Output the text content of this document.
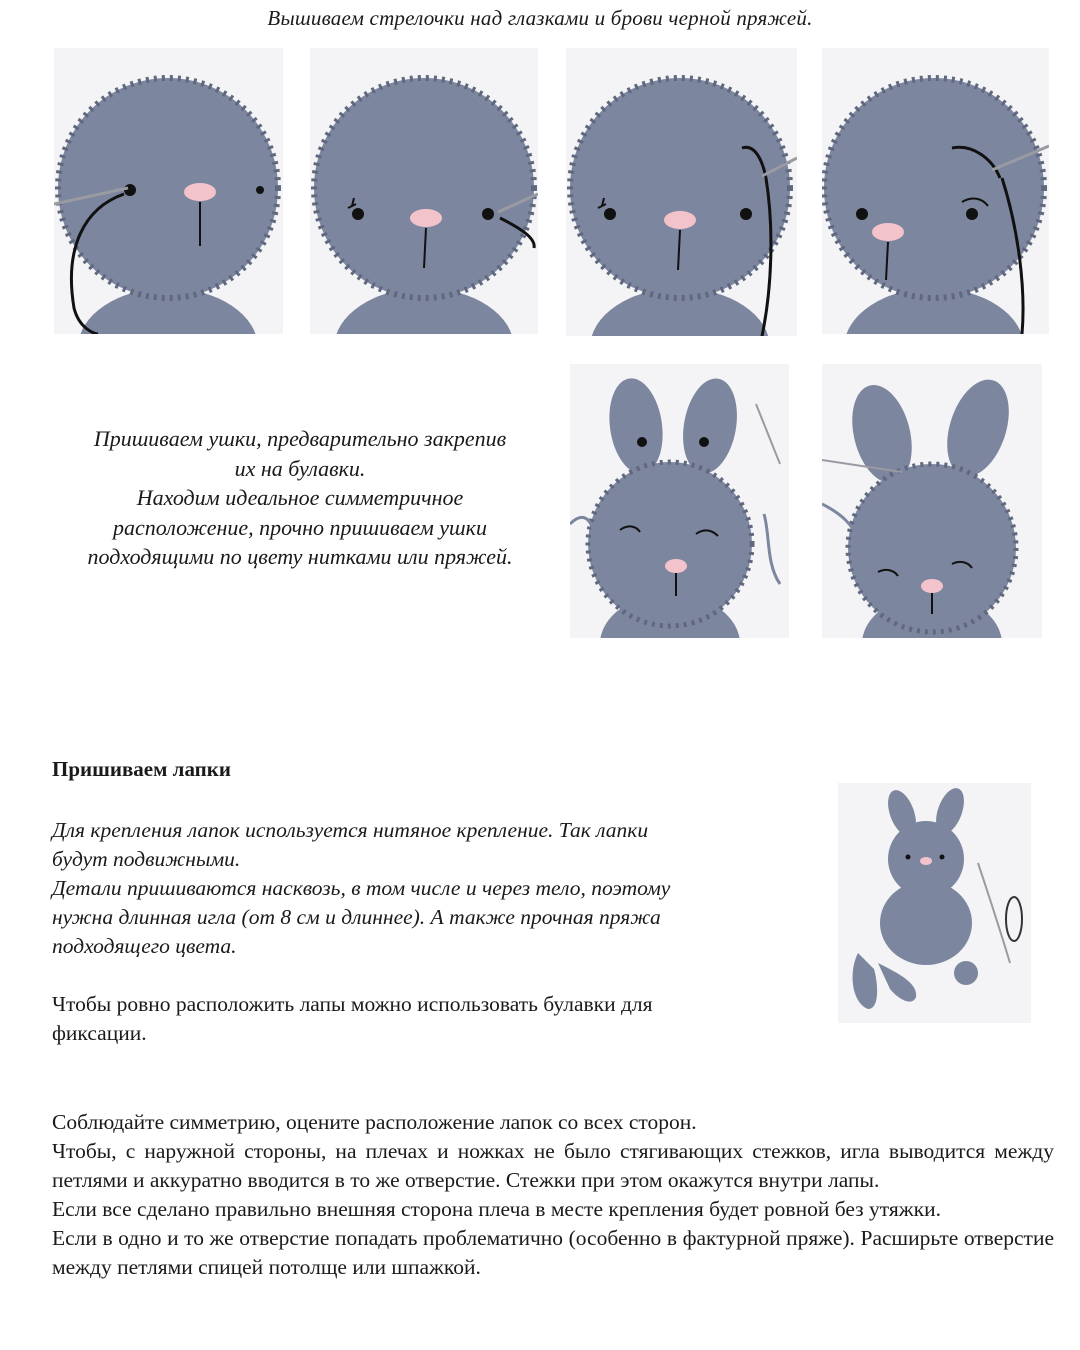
Вышиваем стрелочки над глазками и брови черной пряжей.
Пришиваем ушки, предварительно закрепив
их на булавки.
Находим идеальное симметричное
расположение, прочно пришиваем ушки
подходящими по цвету нитками или пряжей.
Пришиваем лапки
Для крепления лапок используется нитяное крепление. Так лапки
будут подвижными.
Детали пришиваются насквозь, в том числе и через тело, поэтому
нужна длинная игла (от 8 см и длиннее). А также прочная пряжа
подходящего цвета.
Чтобы ровно расположить лапы можно использовать булавки для
фиксации.
Соблюдайте симметрию, оцените расположение лапок со всех сторон.
Чтобы, с наружной стороны, на плечах и ножках не было стягивающих стежков, игла выводится между петлями и аккуратно вводится в то же отверстие. Стежки при этом окажутся внутри лапы.
Если все сделано правильно внешняя сторона плеча в месте крепления будет ровной без утяжки.
Если в одно и то же отверстие попадать проблематично (особенно в фактурной пряже). Расширьте отверстие между петлями спицей потолще или шпажкой.
